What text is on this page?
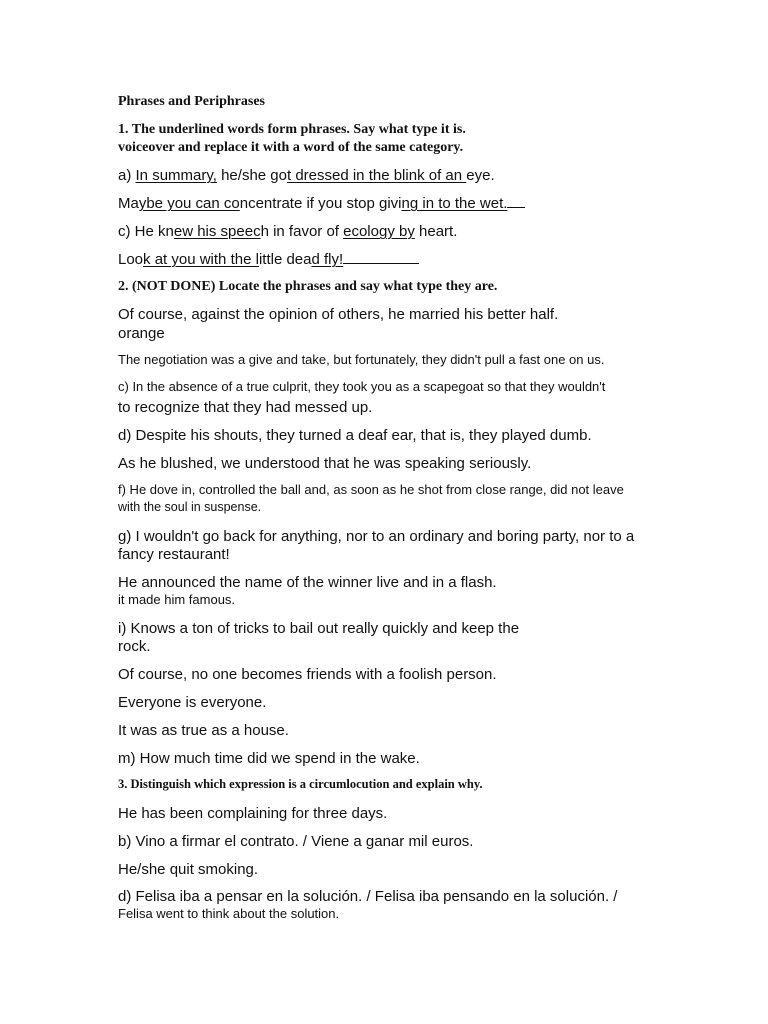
Phrases and Periphrases
1. The underlined words form phrases. Say what type it is.
voiceover and replace it with a word of the same category.
a) In summary, he/she got dressed in the blink of an eye.
Maybe you can concentrate if you stop giving in to the wet.
c) He knew his speech in favor of ecology by heart.
Look at you with the little dead fly!
2. (NOT DONE) Locate the phrases and say what type they are.
Of course, against the opinion of others, he married his better half.
orange
The negotiation was a give and take, but fortunately, they didn't pull a fast one on us.
c) In the absence of a true culprit, they took you as a scapegoat so that they wouldn't
to recognize that they had messed up.
d) Despite his shouts, they turned a deaf ear, that is, they played dumb.
As he blushed, we understood that he was speaking seriously.
f) He dove in, controlled the ball and, as soon as he shot from close range, did not leave
with the soul in suspense.
g) I wouldn't go back for anything, nor to an ordinary and boring party, nor to a
fancy restaurant!
He announced the name of the winner live and in a flash.
it made him famous.
i) Knows a ton of tricks to bail out really quickly and keep the
rock.
Of course, no one becomes friends with a foolish person.
Everyone is everyone.
It was as true as a house.
m) How much time did we spend in the wake.
3. Distinguish which expression is a circumlocution and explain why.
He has been complaining for three days.
b) Vino a firmar el contrato. / Viene a ganar mil euros.
He/she quit smoking.
d) Felisa iba a pensar en la solución. / Felisa iba pensando en la solución. /
Felisa went to think about the solution.
